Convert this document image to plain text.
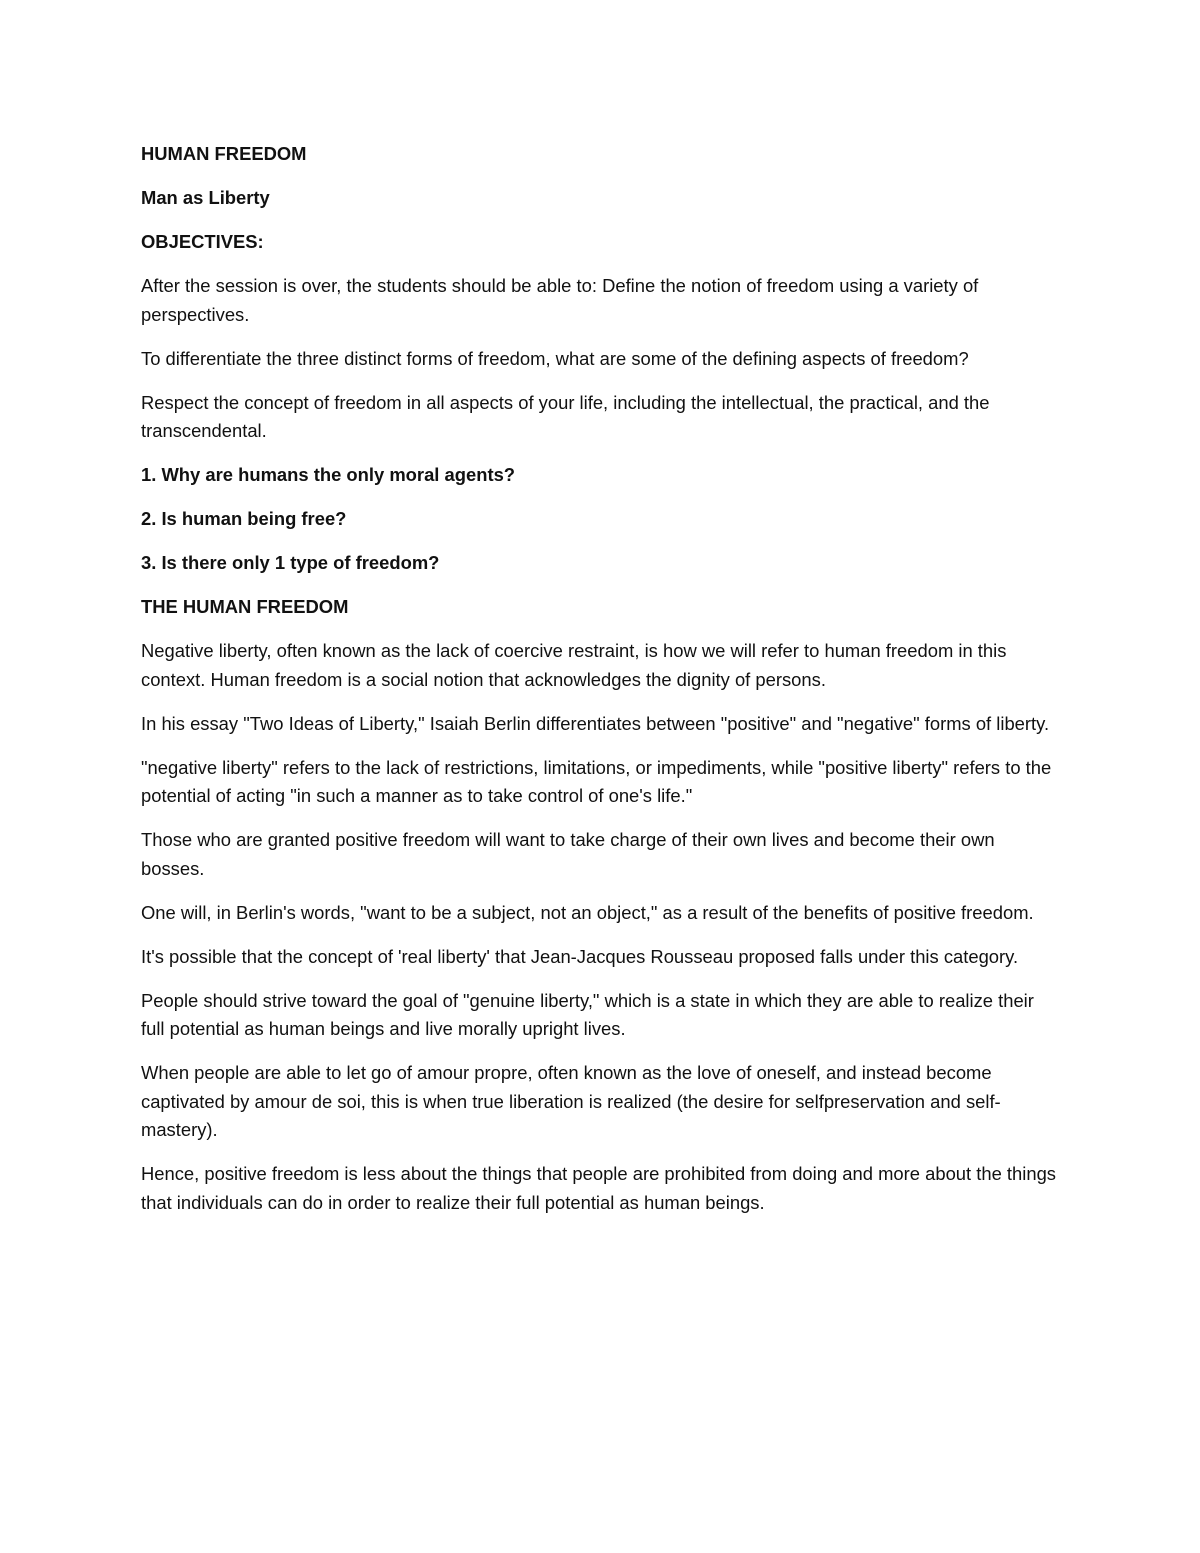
HUMAN FREEDOM

Man as Liberty

OBJECTIVES:

After the session is over, the students should be able to: Define the notion of freedom using a variety of perspectives.

To differentiate the three distinct forms of freedom, what are some of the defining aspects of freedom?

Respect the concept of freedom in all aspects of your life, including the intellectual, the practical, and the transcendental.

1. Why are humans the only moral agents?

2. Is human being free?

3. Is there only 1 type of freedom?

THE HUMAN FREEDOM

Negative liberty, often known as the lack of coercive restraint, is how we will refer to human freedom in this context. Human freedom is a social notion that acknowledges the dignity of persons.

In his essay "Two Ideas of Liberty," Isaiah Berlin differentiates between "positive" and "negative" forms of liberty.

"negative liberty" refers to the lack of restrictions, limitations, or impediments, while "positive liberty" refers to the potential of acting "in such a manner as to take control of one's life."

Those who are granted positive freedom will want to take charge of their own lives and become their own bosses.

One will, in Berlin's words, "want to be a subject, not an object," as a result of the benefits of positive freedom.

It's possible that the concept of 'real liberty' that Jean-Jacques Rousseau proposed falls under this category.

People should strive toward the goal of "genuine liberty," which is a state in which they are able to realize their full potential as human beings and live morally upright lives.

When people are able to let go of amour propre, often known as the love of oneself, and instead become captivated by amour de soi, this is when true liberation is realized (the desire for selfpreservation and self-mastery).

Hence, positive freedom is less about the things that people are prohibited from doing and more about the things that individuals can do in order to realize their full potential as human beings.
